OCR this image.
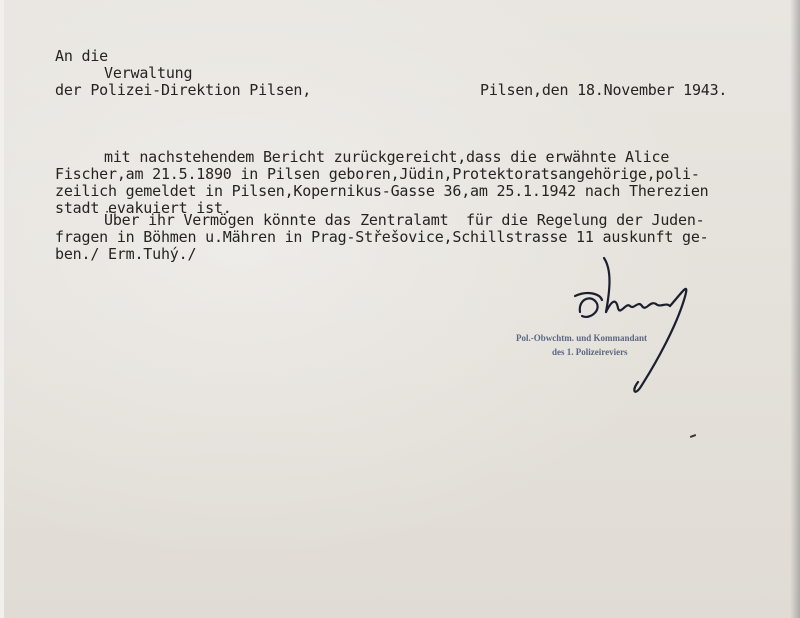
An die

Verwaltung

der Polizei-Direktion Pilsen,	Pilsen,den 18.November 1943.

mit nachstehendem Bericht zurückgereicht,dass die erwähnte Alice

Fischer,am 21.5.1890 in Pilsen geboren,Jüdin,Protektoratsangehörige,poli-

zeilich gemeldet in Pilsen,Kopernikus-Gasse 36,am 25.1.1942 nach Therezien

stadt evakuiert ist.

Über ihr Vermögen könnte das Zentralamt  für die Regelung der Juden-

fragen in Böhmen u.Mähren in Prag-Střešovice,Schillstrasse 11 auskunft ge-

ben./ Erm.Tuhý./

Pol.-Obwchtm. und Kommandant

des 1. Polizeireviers
